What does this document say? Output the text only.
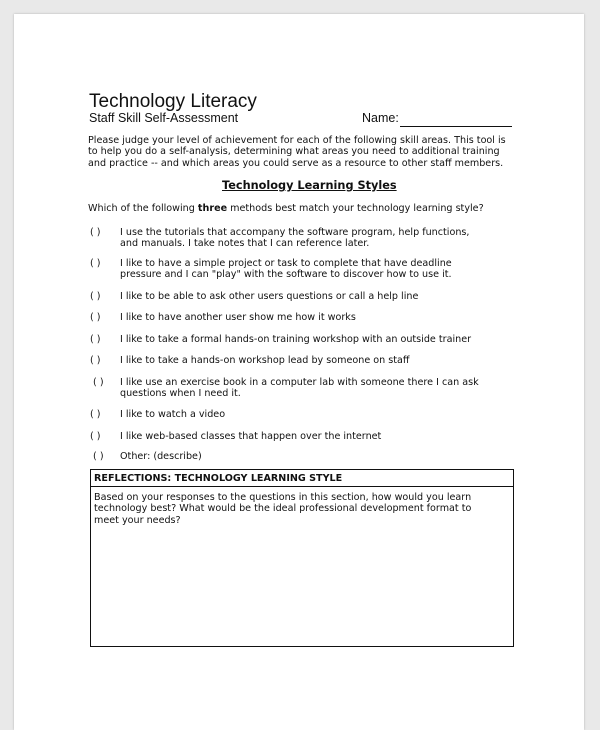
Technology Literacy
Staff Skill Self-Assessment	Name:
Please judge your level of achievement for each of the following skill areas. This tool is to help you do a self-analysis, determining what areas you need to additional training and practice -- and which areas you could serve as a resource to other staff members.
Technology Learning Styles
Which of the following three methods best match your technology learning style?
( ) I use the tutorials that accompany the software program, help functions, and manuals. I take notes that I can reference later.
( ) I like to have a simple project or task to complete that have deadline pressure and I can "play" with the software to discover how to use it.
( ) I like to be able to ask other users questions or call a help line
( ) I like to have another user show me how it works
( ) I like to take a formal hands-on training workshop with an outside trainer
( ) I like to take a hands-on workshop lead by someone on staff
( ) I like use an exercise book in a computer lab with someone there I can ask questions when I need it.
( ) I like to watch a video
( ) I like web-based classes that happen over the internet
( ) Other: (describe)
REFLECTIONS: TECHNOLOGY LEARNING STYLE
Based on your responses to the questions in this section, how would you learn technology best? What would be the ideal professional development format to meet your needs?
